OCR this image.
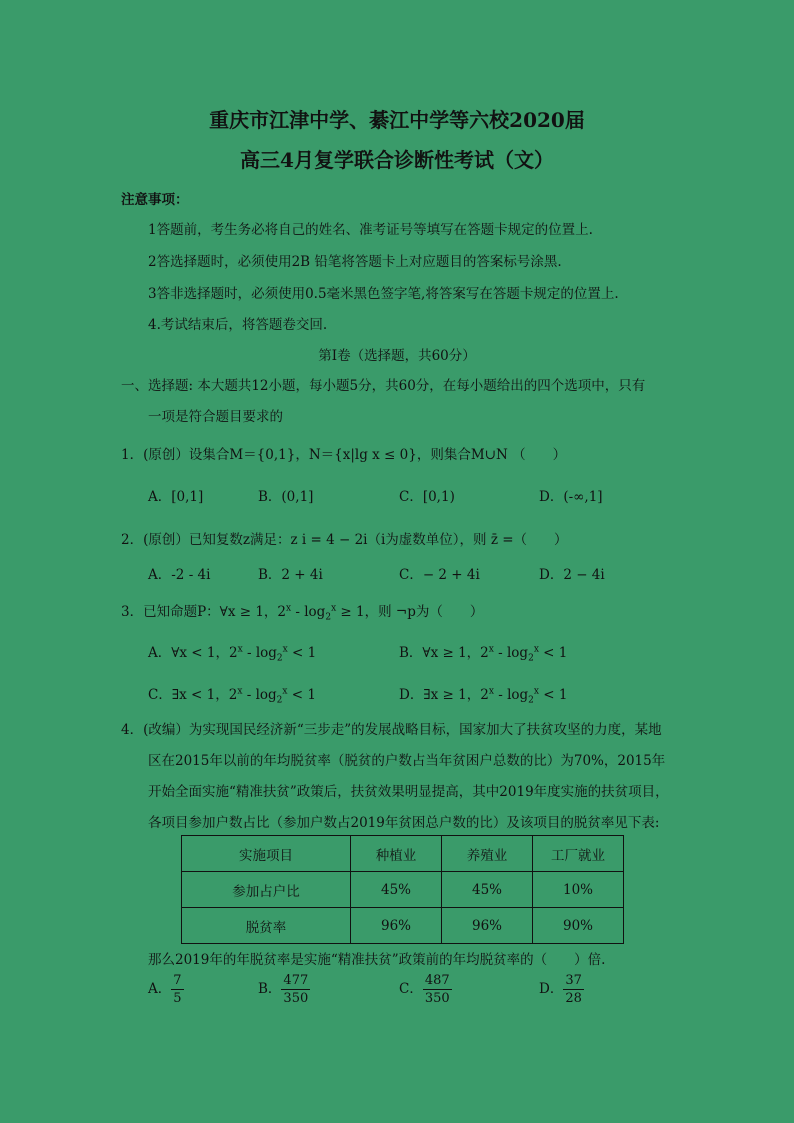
重庆市江津中学、綦江中学等六校2020届
高三4月复学联合诊断性考试（文）
注意事项：
1答题前，考生务必将自己的姓名、准考证号等填写在答题卡规定的位置上.
2答选择题时，必须使用2B 铅笔将答题卡上对应题目的答案标号涂黑.
3答非选择题时，必须使用0.5毫米黑色签字笔,将答案写在答题卡规定的位置上.
4.考试结束后，将答题卷交回.
第Ⅰ卷（选择题，共60分）
一、选择题: 本大题共12小题，每小题5分，共60分，在每小题给出的四个选项中，只有
一项是符合题目要求的
1．(原创）设集合M＝{0,1}，N＝{x|lg x ≤ 0}，则集合M∪N （　　）
A．[0,1]	B．(0,1]	C．[0,1)	D．(-∞,1]
2．(原创）已知复数z满足：z i = 4 − 2i（i为虚数单位），则 z̄ =（　　）
A．-2 - 4i	B．2 + 4i	C．− 2 + 4i	D．2 − 4i
3．已知命题P：∀x ≥ 1，$2^x - \log_2^x \ge 1$，则 ¬p为（　　）
A．∀x < 1，$2^x - \log_2^x < 1$	B．∀x ≥ 1，$2^x - \log_2^x < 1$
C．∃x < 1，$2^x - \log_2^x < 1$	D．∃x ≥ 1，$2^x - \log_2^x < 1$
4．(改编）为实现国民经济新“三步走”的发展战略目标，国家加大了扶贫攻坚的力度，某地
区在2015年以前的年均脱贫率（脱贫的户数占当年贫困户总数的比）为70%，2015年
开始全面实施“精准扶贫”政策后，扶贫效果明显提高，其中2019年度实施的扶贫项目，
各项目参加户数占比（参加户数占2019年贫困总户数的比）及该项目的脱贫率见下表:
实施项目	种植业	养殖业	工厂就业
参加占户比	45%	45%	10%
脱贫率	96%	96%	90%
那么2019年的年脱贫率是实施“精准扶贫”政策前的年均脱贫率的（　　）倍.
A． $\frac{7}{5}$	B． $\frac{477}{350}$	C． $\frac{487}{350}$	D． $\frac{37}{28}$
